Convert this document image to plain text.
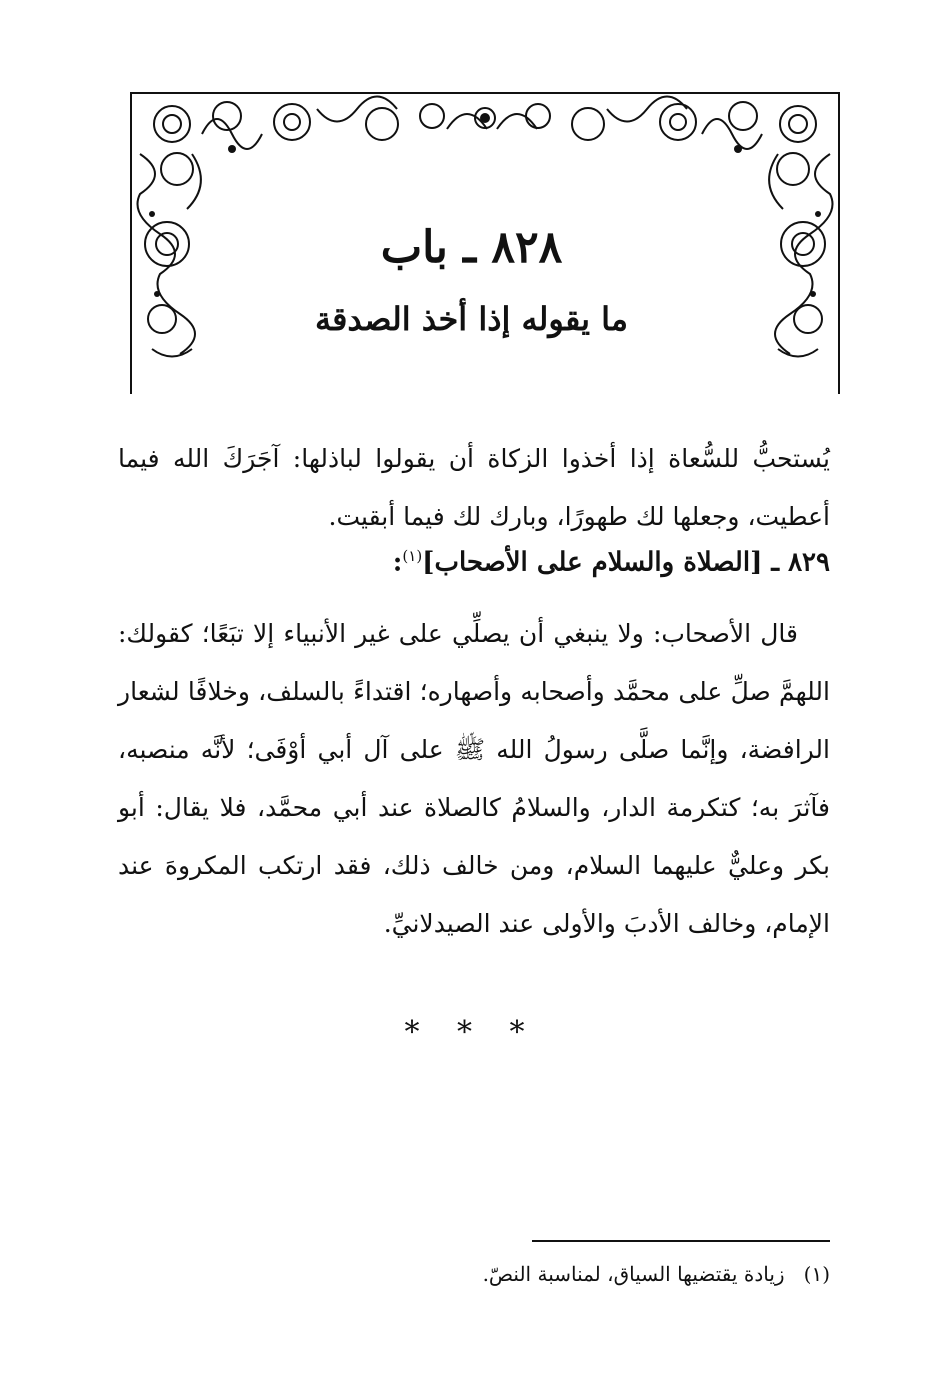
٨٢٨ ـ باب
ما يقوله إذا أخذ الصدقة
يُستحبُّ للسُّعاة إذا أخذوا الزكاة أن يقولوا لباذلها: آجَرَكَ الله فيما أعطيت، وجعلها لك طهورًا، وبارك لك فيما أبقيت.
٨٢٩ ـ [الصلاة والسلام على الأصحاب]$^{(١)}$:
قال الأصحاب: ولا ينبغي أن يصلِّي على غير الأنبياء إلا تبَعًا؛ كقولك: اللهمَّ صلِّ على محمَّد وأصحابه وأصهاره؛ اقتداءً بالسلف، وخلافًا لشعار الرافضة، وإنَّما صلَّى رسولُ الله ﷺ على آل أبي أوْفَى؛ لأنَّه منصبه، فآثرَ به؛ كتكرمة الدار، والسلامُ كالصلاة عند أبي محمَّد، فلا يقال: أبو بكر وعليٌّ عليهما السلام، ومن خالف ذلك، فقد ارتكب المكروهَ عند الإمام، وخالف الأدبَ والأولى عند الصيدلانيِّ.
* * *
(١)   زيادة يقتضيها السياق، لمناسبة النصّ.
